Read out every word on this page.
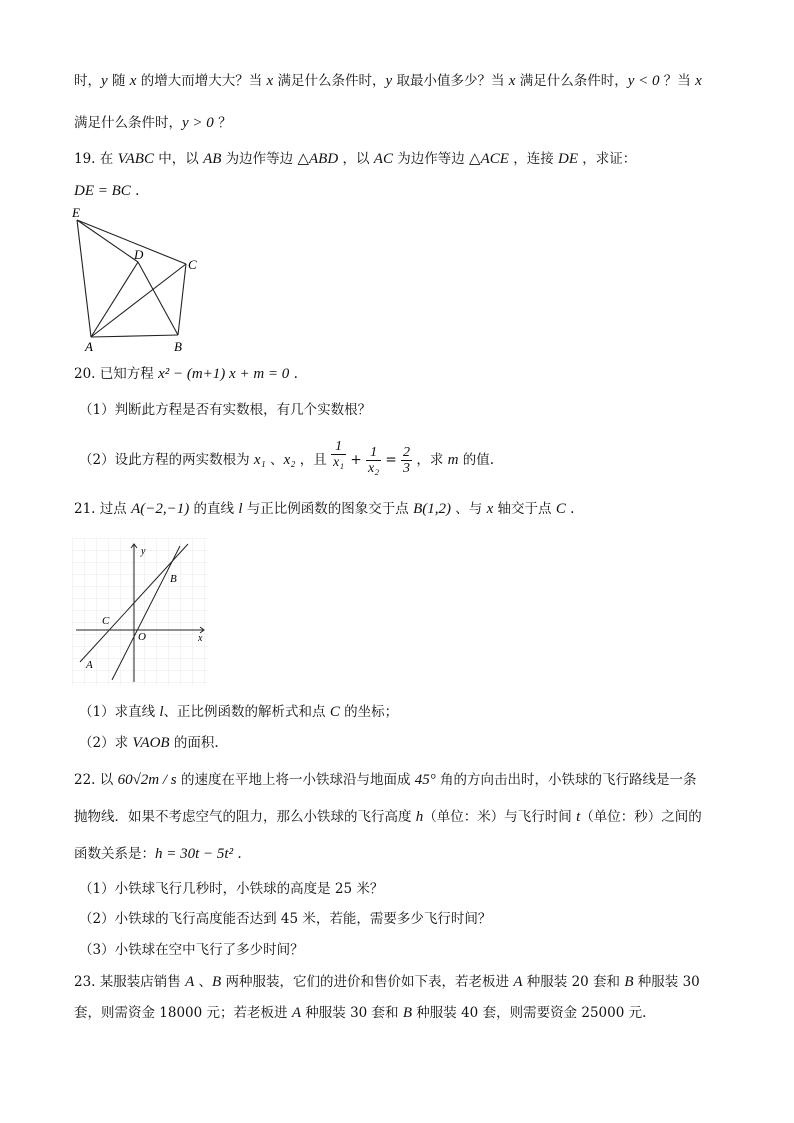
时，y 随 x 的增大而增大大？当 x 满足什么条件时，y 取最小值多少？当 x 满足什么条件时，y < 0 ？当 x
满足什么条件时，y > 0 ？
19. 在 VABC 中，以 AB 为边作等边 △ABD ，以 AC 为边作等边 △ACE ，连接 DE ，求证：
DE = BC .
E
D
C
A	B
20. 已知方程 x² − (m+1) x + m = 0 .
（1）判断此方程是否有实数根，有几个实数根？
（2）设此方程的两实数根为 x₁ 、x₂ ，且 $\frac{1}{\text{x₁}} + \frac{1}{\text{x₂}} = \frac{2}{3}$ ，求 m 的值.
21. 过点 A(−2,−1) 的直线 l 与正比例函数的图象交于点 B(1,2) 、与 x 轴交于点 C .
y
x
O
B
C
A
（1）求直线 l、正比例函数的解析式和点 C 的坐标；
（2）求 VAOB 的面积.
22. 以 60√2m / s 的速度在平地上将一小铁球沿与地面成 45° 角的方向击出时，小铁球的飞行路线是一条
抛物线．如果不考虑空气的阻力，那么小铁球的飞行高度 h（单位：米）与飞行时间 t（单位：秒）之间的
函数关系是：h = 30t − 5t² .
（1）小铁球飞行几秒时，小铁球的高度是 25 米？
（2）小铁球的飞行高度能否达到 45 米，若能，需要多少飞行时间？
（3）小铁球在空中飞行了多少时间？
23. 某服装店销售 A 、B 两种服装，它们的进价和售价如下表，若老板进 A 种服装 20 套和 B 种服装 30
套，则需资金 18000 元；若老板进 A 种服装 30 套和 B 种服装 40 套，则需要资金 25000 元.
